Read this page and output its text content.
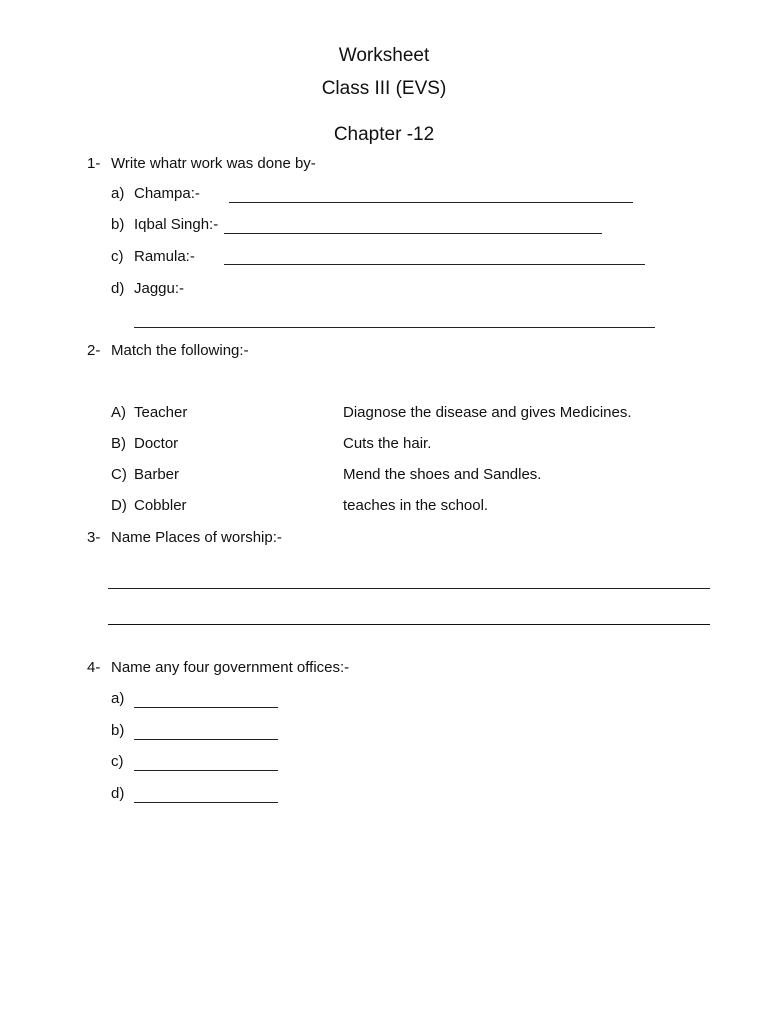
Worksheet
Class III (EVS)
Chapter -12
1- Write whatr work was done by-
a) Champa:-
b) Iqbal Singh:-
c) Ramula:-
d) Jaggu:-
2- Match the following:-
A) Teacher	Diagnose the disease and gives Medicines.
B) Doctor	Cuts the hair.
C) Barber	Mend the shoes and Sandles.
D) Cobbler	teaches in the school.
3- Name Places of worship:-
4- Name any four government offices:-
a)
b)
c)
d)
